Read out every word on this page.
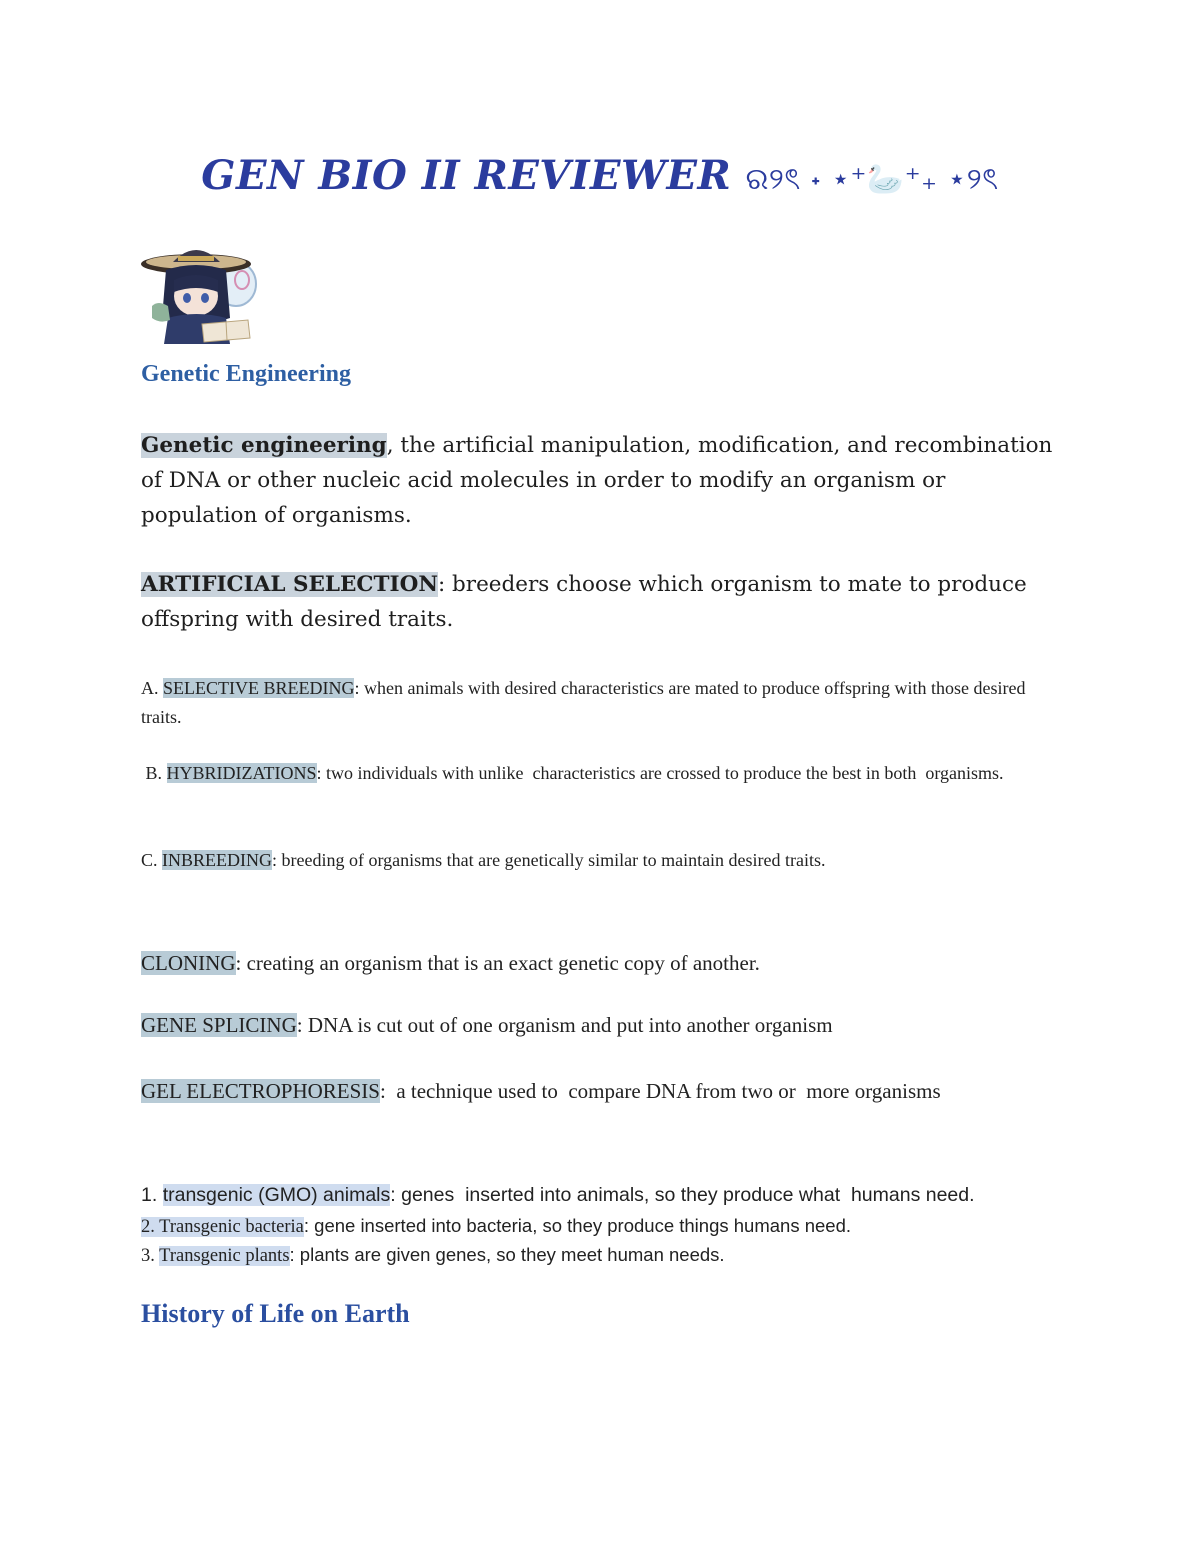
GEN BIO II REVIEWER ର୨ৎ ˖ ⋆⁺🦢⁺₊ ⋆୨ৎ
Genetic Engineering
Genetic engineering, the artificial manipulation, modification, and recombination of DNA or other nucleic acid molecules in order to modify an organism or population of organisms.
ARTIFICIAL SELECTION: breeders choose which organism to mate to produce offspring with desired traits.
A. SELECTIVE BREEDING: when animals with desired characteristics are mated to produce offspring with those desired traits.
B. HYBRIDIZATIONS: two individuals with unlike  characteristics are crossed to produce the best in both  organisms.
C. INBREEDING: breeding of organisms that are genetically similar to maintain desired traits.
CLONING: creating an organism that is an exact genetic copy of another.
GENE SPLICING: DNA is cut out of one organism and put into another organism
GEL ELECTROPHORESIS:  a technique used to  compare DNA from two or  more organisms
1. transgenic (GMO) animals: genes  inserted into animals, so they produce what  humans need.
2. Transgenic bacteria: gene inserted into bacteria, so they produce things humans need.
3. Transgenic plants: plants are given genes, so they meet human needs.
History of Life on Earth
